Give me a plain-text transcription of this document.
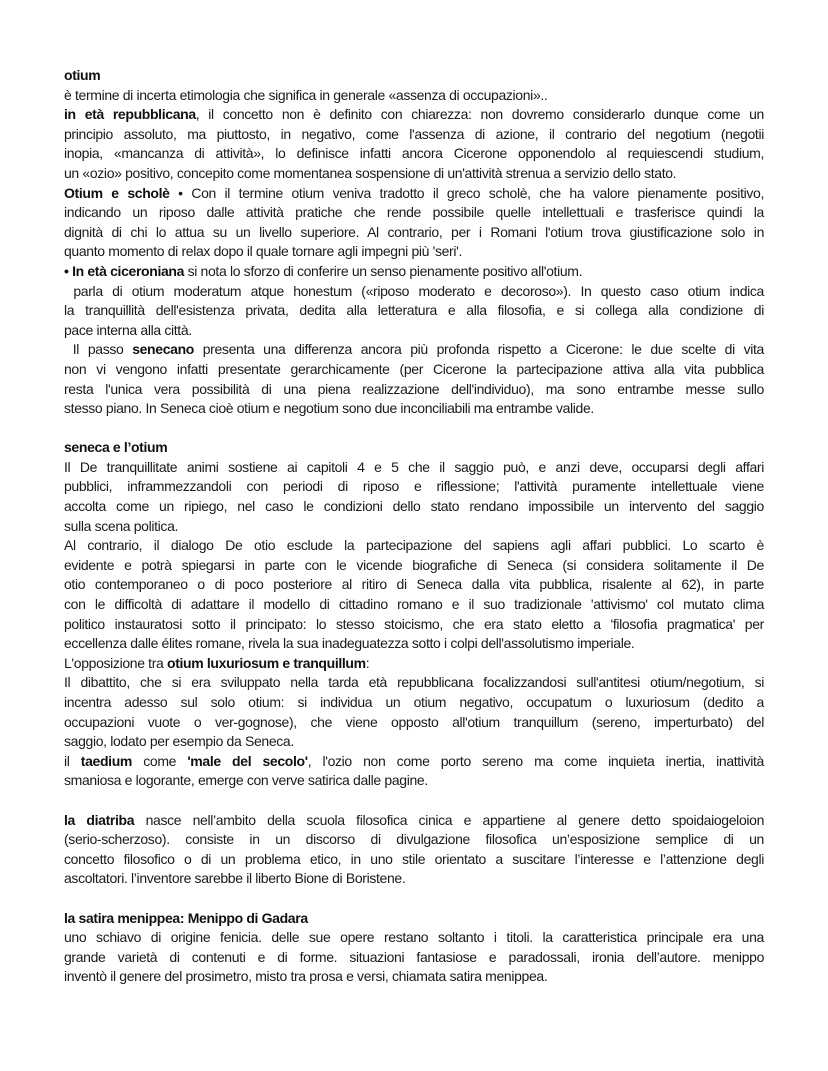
otium
è termine di incerta etimologia che significa in generale «assenza di occupazioni»..
in età repubblicana, il concetto non è definito con chiarezza: non dovremo considerarlo dunque come un
principio assoluto, ma piuttosto, in negativo, come l'assenza di azione, il contrario del negotium (negotii
inopia, «mancanza di attività», lo definisce infatti ancora Cicerone opponendolo al requiescendi studium,
un «ozio» positivo, concepito come momentanea sospensione di un'attività strenua a servizio dello stato.
Otium e scholè • Con il termine otium veniva tradotto il greco scholè, che ha valore pienamente positivo,
indicando un riposo dalle attività pratiche che rende possibile quelle intellettuali e trasferisce quindi la
dignità di chi lo attua su un livello superiore. Al contrario, per i Romani l'otium trova giustificazione solo in
quanto momento di relax dopo il quale tornare agli impegni più 'seri'.
• In età ciceroniana si nota lo sforzo di conferire un senso pienamente positivo all'otium.
parla di otium moderatum atque honestum («riposo moderato e decoroso»). In questo caso otium indica
la tranquillità dell'esistenza privata, dedita alla letteratura e alla filosofia, e si collega alla condizione di
pace interna alla città.
Il passo senecano presenta una differenza ancora più profonda rispetto a Cicerone: le due scelte di vita
non vi vengono infatti presentate gerarchicamente (per Cicerone la partecipazione attiva alla vita pubblica
resta l'unica vera possibilità di una piena realizzazione dell'individuo), ma sono entrambe messe sullo
stesso piano. In Seneca cioè otium e negotium sono due inconciliabili ma entrambe valide.
seneca e l’otium
Il De tranquillitate animi sostiene ai capitoli 4 e 5 che il saggio può, e anzi deve, occuparsi degli affari
pubblici, inframmezzandoli con periodi di riposo e riflessione; l'attività puramente intellettuale viene
accolta come un ripiego, nel caso le condizioni dello stato rendano impossibile un intervento del saggio
sulla scena politica.
Al contrario, il dialogo De otio esclude la partecipazione del sapiens agli affari pubblici. Lo scarto è
evidente e potrà spiegarsi in parte con le vicende biografiche di Seneca (si considera solitamente il De
otio contemporaneo o di poco posteriore al ritiro di Seneca dalla vita pubblica, risalente al 62), in parte
con le difficoltà di adattare il modello di cittadino romano e il suo tradizionale 'attivismo' col mutato clima
politico instauratosi sotto il principato: lo stesso stoicismo, che era stato eletto a 'filosofia pragmatica' per
eccellenza dalle élites romane, rivela la sua inadeguatezza sotto i colpi dell'assolutismo imperiale.
L'opposizione tra otium luxuriosum e tranquillum:
Il dibattito, che si era sviluppato nella tarda età repubblicana focalizzandosi sull'antitesi otium/negotium, si
incentra adesso sul solo otium: si individua un otium negativo, occupatum o luxuriosum (dedito a
occupazioni vuote o ver-gognose), che viene opposto all'otium tranquillum (sereno, imperturbato) del
saggio, lodato per esempio da Seneca.
il taedium come 'male del secolo', l'ozio non come porto sereno ma come inquieta inertia, inattività
smaniosa e logorante, emerge con verve satirica dalle pagine.
la diatriba nasce nell’ambito della scuola filosofica cinica e appartiene al genere detto spoidaiogeloion
(serio-scherzoso). consiste in un discorso di divulgazione filosofica un’esposizione semplice di un
concetto filosofico o di un problema etico, in uno stile orientato a suscitare l’interesse e l’attenzione degli
ascoltatori. l’inventore sarebbe il liberto Bione di Boristene.
la satira menippea: Menippo di Gadara
uno schiavo di origine fenicia. delle sue opere restano soltanto i titoli. la caratteristica principale era una
grande varietà di contenuti e di forme. situazioni fantasiose e paradossali, ironia dell’autore. menippo
inventò il genere del prosimetro, misto tra prosa e versi, chiamata satira menippea.
